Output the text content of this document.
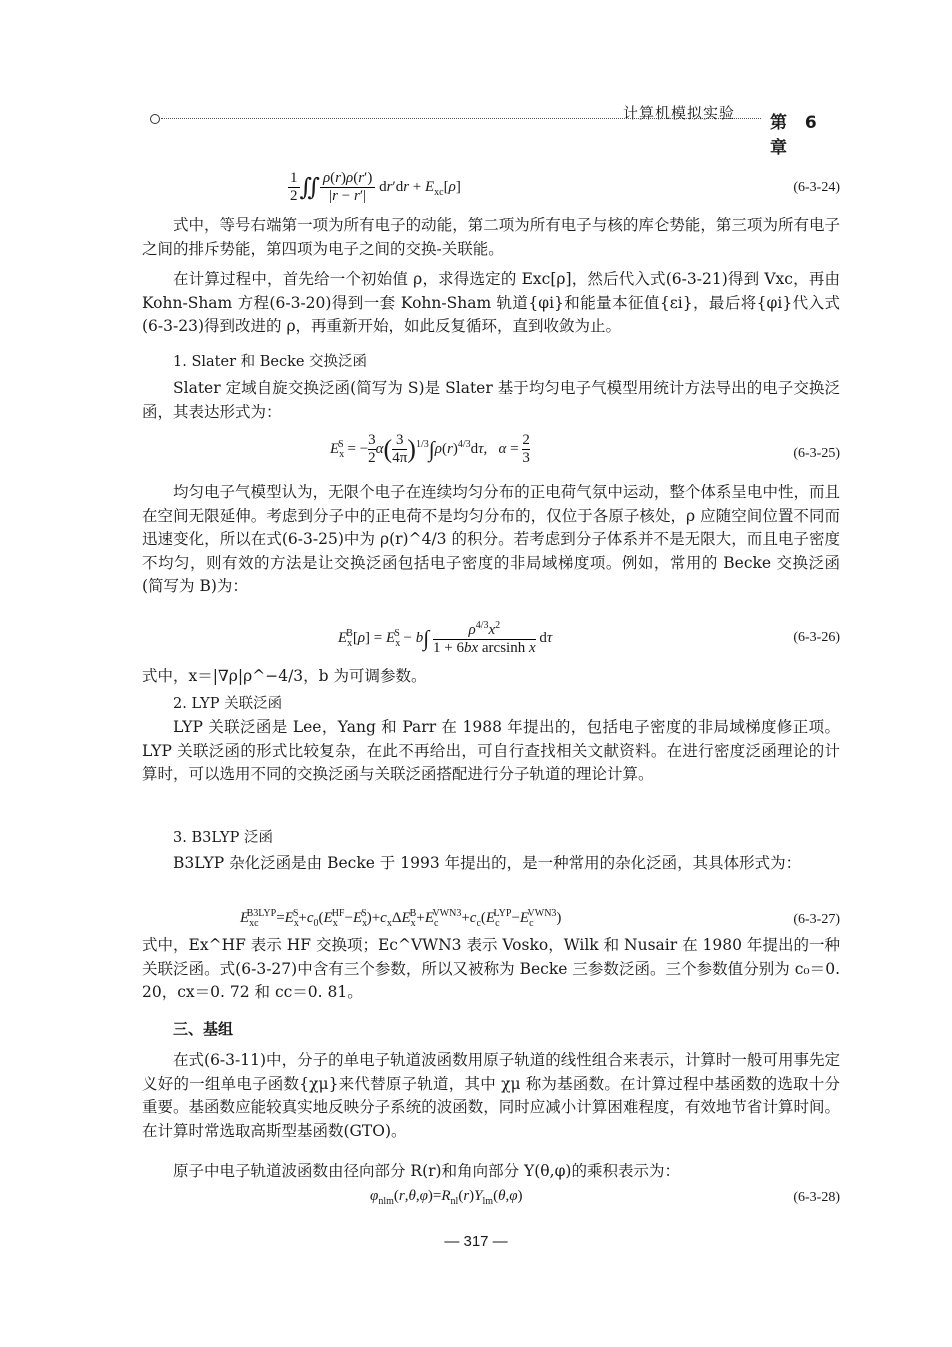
计算机模拟实验 第 6 章
$\frac{1}{2}$ ∬ $\frac{\rho(r)\rho(r')}{|r - r'|} dr'dr + E_{xc}[\rho]$	(6-3-24)
式中，等号右端第一项为所有电子的动能，第二项为所有电子与核的库仑势能，第三项为所有电子之间的排斥势能，第四项为电子之间的交换-关联能。
在计算过程中，首先给一个初始值 ρ，求得选定的 Exc[ρ]，然后代入式(6-3-21)得到 Vxc，再由 Kohn-Sham 方程(6-3-20)得到一套 Kohn-Sham 轨道{φi}和能量本征值{εi}，最后将{φi}代入式(6-3-23)得到改进的 ρ，再重新开始，如此反复循环，直到收敛为止。
1. Slater 和 Becke 交换泛函
Slater 定域自旋交换泛函(简写为 S)是 Slater 基于均匀电子气模型用统计方法导出的电子交换泛函，其表达形式为：
$E_x^S$ = − $\frac{3}{2} \alpha( \frac{3}{4\pi} )^{1/3}\int\rho(r)^{4/3}d\tau$,   $\alpha = \frac{2}{3}$	(6-3-25)
均匀电子气模型认为，无限个电子在连续均匀分布的正电荷气氛中运动，整个体系呈电中性，而且在空间无限延伸。考虑到分子中的正电荷不是均匀分布的，仅位于各原子核处，ρ 应随空间位置不同而迅速变化，所以在式(6-3-25)中为 ρ(r)^4/3 的积分。若考虑到分子体系并不是无限大，而且电子密度不均匀，则有效的方法是让交换泛函包括电子密度的非局域梯度项。例如，常用的 Becke 交换泛函(简写为 B)为：
$E_x^B[\rho] = E_x^S - b\int \frac{\rho^{4/3}x^2}{\text{1 + 6bx arcsinh x}}$ dτ	(6-3-26)
式中，x＝|∇ρ|ρ^−4/3，b 为可调参数。
2. LYP 关联泛函
LYP 关联泛函是 Lee，Yang 和 Parr 在 1988 年提出的，包括电子密度的非局域梯度修正项。LYP 关联泛函的形式比较复杂，在此不再给出，可自行查找相关文献资料。在进行密度泛函理论的计算时，可以选用不同的交换泛函与关联泛函搭配进行分子轨道的理论计算。
3. B3LYP 泛函
B3LYP 杂化泛函是由 Becke 于 1993 年提出的，是一种常用的杂化泛函，其具体形式为：
$E_{xc}^{B3LYP}=E_x^S+c_0(E_x^{HF}-E_x^S)+c_x\Delta E_x^B+E_c^{VWN3}+c_c(E_c^{LYP}-E_c^{VWN3})$	(6-3-27)
式中，Ex^HF 表示 HF 交换项；Ec^VWN3 表示 Vosko，Wilk 和 Nusair 在 1980 年提出的一种关联泛函。式(6-3-27)中含有三个参数，所以又被称为 Becke 三参数泛函。三个参数值分别为 c₀＝0. 20，cx＝0. 72 和 cc＝0. 81。
三、基组
在式(6-3-11)中，分子的单电子轨道波函数用原子轨道的线性组合来表示，计算时一般可用事先定义好的一组单电子函数{χμ}来代替原子轨道，其中 χμ 称为基函数。在计算过程中基函数的选取十分重要。基函数应能较真实地反映分子系统的波函数，同时应减小计算困难程度，有效地节省计算时间。在计算时常选取高斯型基函数(GTO)。
原子中电子轨道波函数由径向部分 R(r)和角向部分 Y(θ,φ)的乘积表示为：
$\varphi_{nlm}(r,\theta,\varphi)=R_{nl}(r)Y_{lm}(\theta,\varphi)$	(6-3-28)
— 317 —
